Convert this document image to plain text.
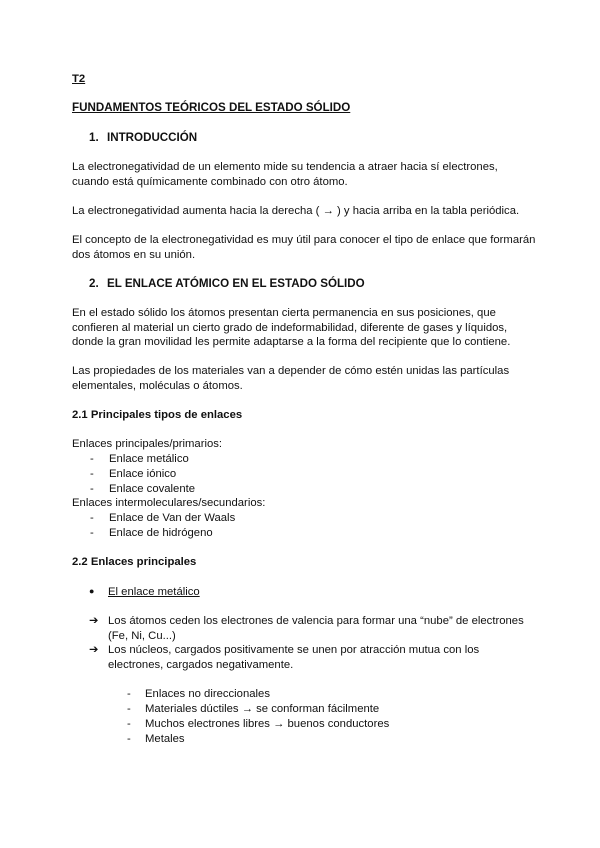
T2
FUNDAMENTOS TEÓRICOS DEL ESTADO SÓLIDO
1. INTRODUCCIÓN
La electronegatividad de un elemento mide su tendencia a atraer hacia sí electrones,
cuando está químicamente combinado con otro átomo.
La electronegatividad aumenta hacia la derecha ( → ) y hacia arriba en la tabla periódica.
El concepto de la electronegatividad es muy útil para conocer el tipo de enlace que formarán
dos átomos en su unión.
2. EL ENLACE ATÓMICO EN EL ESTADO SÓLIDO
En el estado sólido los átomos presentan cierta permanencia en sus posiciones, que
confieren al material un cierto grado de indeformabilidad, diferente de gases y líquidos,
donde la gran movilidad les permite adaptarse a la forma del recipiente que lo contiene.
Las propiedades de los materiales van a depender de cómo estén unidas las partículas
elementales, moléculas o átomos.
2.1 Principales tipos de enlaces
Enlaces principales/primarios:
- Enlace metálico
- Enlace iónico
- Enlace covalente
Enlaces intermoleculares/secundarios:
- Enlace de Van der Waals
- Enlace de hidrógeno
2.2 Enlaces principales
● El enlace metálico
➔ Los átomos ceden los electrones de valencia para formar una “nube” de electrones
(Fe, Ni, Cu...)
➔ Los núcleos, cargados positivamente se unen por atracción mutua con los
electrones, cargados negativamente.
- Enlaces no direccionales
- Materiales dúctiles → se conforman fácilmente
- Muchos electrones libres → buenos conductores
- Metales
